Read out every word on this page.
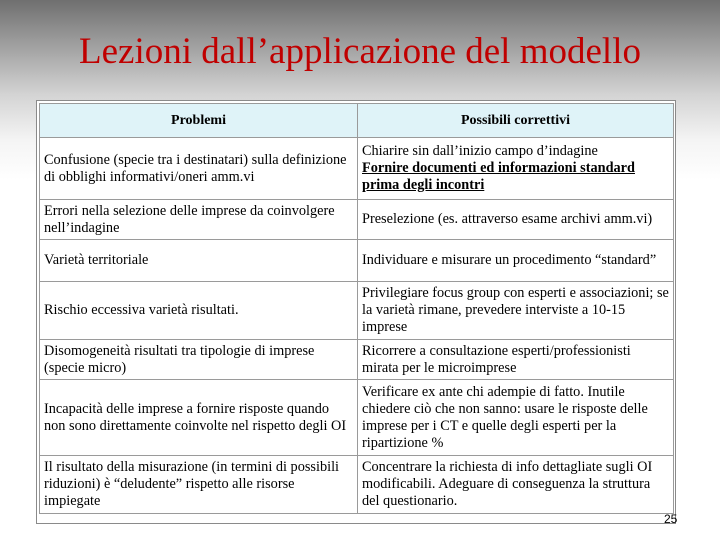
Lezioni dall’applicazione del modello
Problemi	Possibili correttivi
Confusione (specie tra i destinatari) sulla definizione di obblighi informativi/oneri amm.vi	Chiarire sin dall’inizio campo d’indagine
Fornire documenti ed informazioni standard prima degli incontri

Errori nella selezione delle imprese da coinvolgere nell’indagine	Preselezione (es. attraverso esame archivi amm.vi)
Varietà territoriale	Individuare e misurare un procedimento “standard”
Rischio eccessiva varietà risultati.	Privilegiare focus group con esperti e associazioni; se la varietà rimane, prevedere interviste a 10-15 imprese
Disomogeneità risultati tra tipologie di imprese (specie micro)	Ricorrere a consultazione esperti/professionisti mirata per le microimprese
Incapacità delle imprese a fornire risposte quando non sono direttamente coinvolte nel rispetto degli OI	Verificare ex ante chi adempie di fatto. Inutile chiedere ciò che non sanno: usare le risposte delle imprese per i CT e quelle degli esperti per la ripartizione %
Il risultato della misurazione (in termini di possibili riduzioni) è “deludente” rispetto alle risorse impiegate	Concentrare la richiesta di info dettagliate sugli OI modificabili. Adeguare di conseguenza la struttura del questionario.
25
